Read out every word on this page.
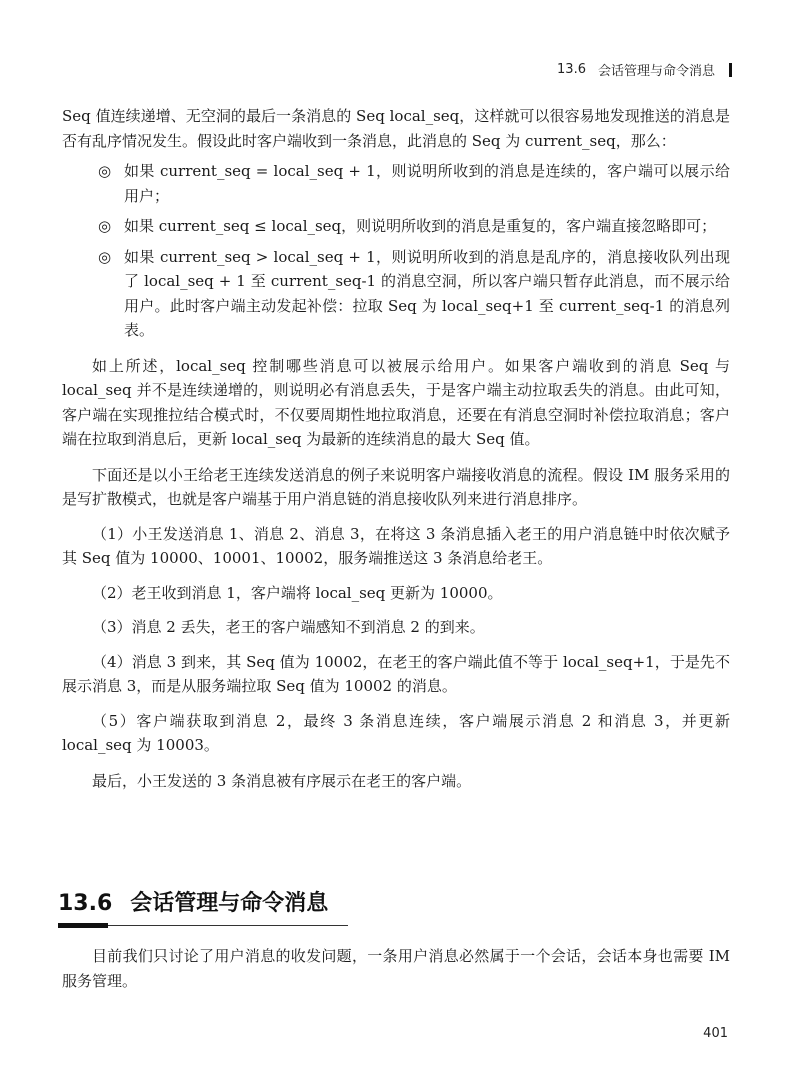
13.6 会话管理与命令消息

Seq 值连续递增、无空洞的最后一条消息的 Seq local_seq，这样就可以很容易地发现推送的消息是否有乱序情况发生。假设此时客户端收到一条消息，此消息的 Seq 为 current_seq，那么：

◎ 如果 current_seq = local_seq + 1，则说明所收到的消息是连续的，客户端可以展示给用户；
◎ 如果 current_seq ≤ local_seq，则说明所收到的消息是重复的，客户端直接忽略即可；
◎ 如果 current_seq > local_seq + 1，则说明所收到的消息是乱序的，消息接收队列出现了 local_seq + 1 至 current_seq-1 的消息空洞，所以客户端只暂存此消息，而不展示给用户。此时客户端主动发起补偿：拉取 Seq 为 local_seq+1 至 current_seq-1 的消息列表。

如上所述，local_seq 控制哪些消息可以被展示给用户。如果客户端收到的消息 Seq 与 local_seq 并不是连续递增的，则说明必有消息丢失，于是客户端主动拉取丢失的消息。由此可知，客户端在实现推拉结合模式时，不仅要周期性地拉取消息，还要在有消息空洞时补偿拉取消息；客户端在拉取到消息后，更新 local_seq 为最新的连续消息的最大 Seq 值。

下面还是以小王给老王连续发送消息的例子来说明客户端接收消息的流程。假设 IM 服务采用的是写扩散模式，也就是客户端基于用户消息链的消息接收队列来进行消息排序。

（1）小王发送消息 1、消息 2、消息 3，在将这 3 条消息插入老王的用户消息链中时依次赋予其 Seq 值为 10000、10001、10002，服务端推送这 3 条消息给老王。

（2）老王收到消息 1，客户端将 local_seq 更新为 10000。

（3）消息 2 丢失，老王的客户端感知不到消息 2 的到来。

（4）消息 3 到来，其 Seq 值为 10002，在老王的客户端此值不等于 local_seq+1，于是先不展示消息 3，而是从服务端拉取 Seq 值为 10002 的消息。

（5）客户端获取到消息 2，最终 3 条消息连续，客户端展示消息 2 和消息 3，并更新 local_seq 为 10003。

最后，小王发送的 3 条消息被有序展示在老王的客户端。

13.6 会话管理与命令消息

目前我们只讨论了用户消息的收发问题，一条用户消息必然属于一个会话，会话本身也需要 IM 服务管理。

401
